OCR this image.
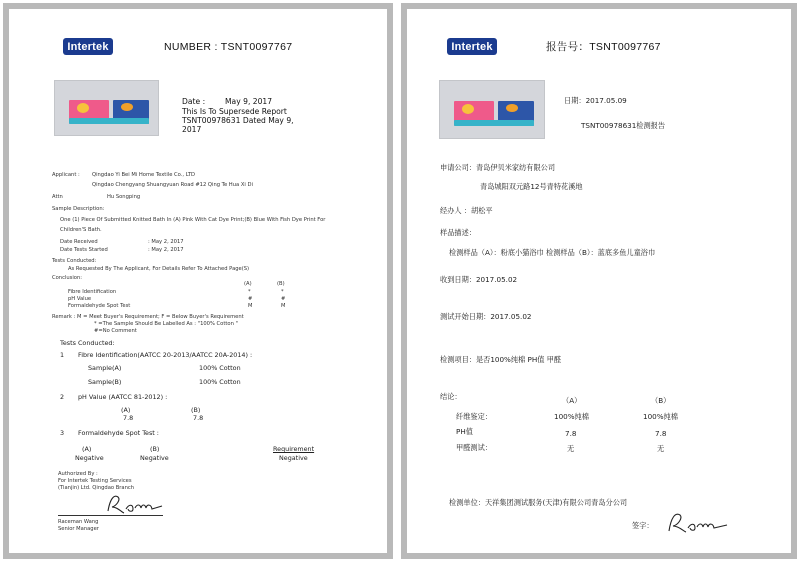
Intertek	NUMBER : TSNT0097767
Date :	May 9, 2017
This Is To Supersede Report
TSNT00978631 Dated May 9,
2017
Applicant : Qingdao Yi Bei Mi Home Textile Co., LTD
Qingdao Chengyang Shuangyuan Road #12 Qing Te Hua Xi Di
Attn	Hu Songping
Sample Description:
One (1) Piece Of Submitted Knitted Bath In (A) Pink With Cat Dye Print;(B) Blue With Fish Dye Print For
Children'S Bath.
Date Received	: May 2, 2017
Date Tests Started	: May 2, 2017
Tests Conducted:
As Requested By The Applicant, For Details Refer To Attached Page(S)
Conclusion:
(A)	(B)
Fibre Identification	*	*
pH Value	#	#
Formaldehyde Spot Test	M	M
Remark : M = Meet Buyer's Requirement; F = Below Buyer's Requirement
* =The Sample Should Be Labelled As : "100% Cotton "
#=No Comment
Tests Conducted:
1 Fibre Identification(AATCC 20-2013/AATCC 20A-2014) :
Sample(A)	100% Cotton
Sample(B)	100% Cotton
2 pH Value (AATCC 81-2012) :
(A)	(B)
7.8	7.8
3 Formaldehyde Spot Test :
(A)	(B)	Requirement
Negative	Negative	Negative
Authorized By :
For Intertek Testing Services
(Tianjin) Ltd. Qingdao Branch
Raceman Wang
Senior Manager
Intertek	报告号：TSNT0097767
日期：2017.05.09
TSNT00978631检测报告
申请公司：青岛伊贝米家纺有限公司
青岛城阳双元路12号青特花溪地
经办人 ：胡松平
样品描述：
检测样品（A）：粉底小猫浴巾 检测样品（B）：蓝底多鱼儿童浴巾
收到日期：2017.05.02
测试开始日期：2017.05.02
检测项目：是否100%纯棉 PH值 甲醛
结论：	（A）	（B）
纤维鉴定：	100%纯棉	100%纯棉
PH值	7.8	7.8
甲醛测试：	无	无
检测单位：天祥集团测试服务(天津)有限公司青岛分公司
签字：
